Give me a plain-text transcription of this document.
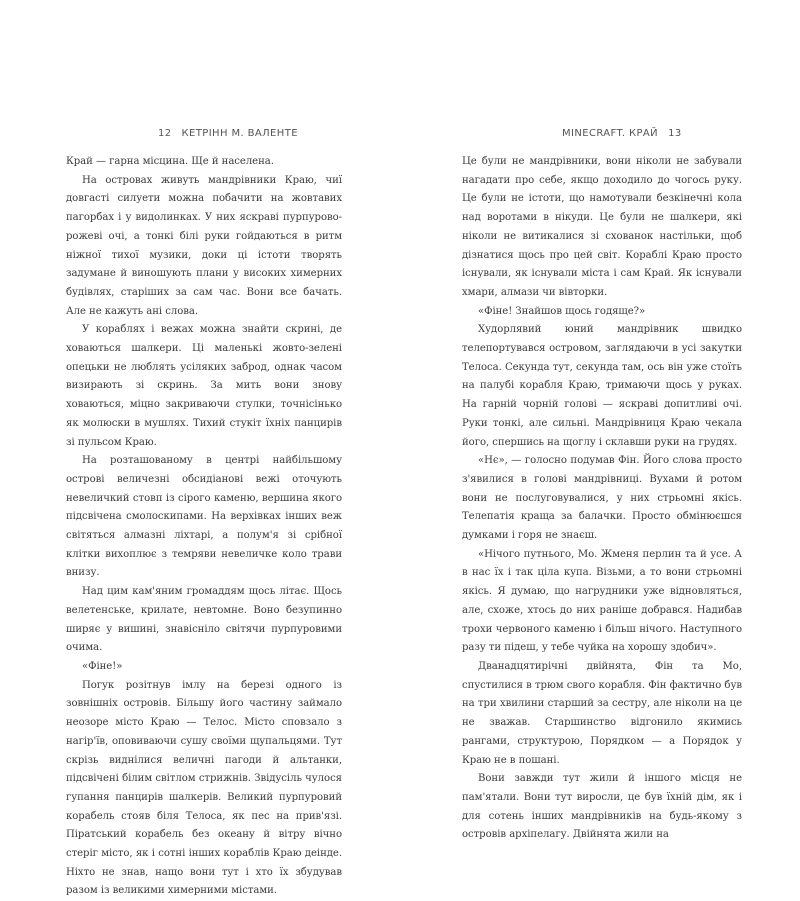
12 КЕТРІНН М. ВАЛЕНТЕ

Край — гарна місцина. Ще й населена.

На островах живуть мандрівники Краю, чиї довгасті силуети можна побачити на жовтавих пагорбах і у видолинках. У них яскраві пурпурово-рожеві очі, а тонкі білі руки гойдаються в ритм ніжної тихої музики, доки ці істоти творять задумане й виношують плани у високих химерних будівлях, старіших за сам час. Вони все бачать. Але не кажуть ані слова.

У кораблях і вежах можна знайти скрині, де ховаються шалкери. Ці маленькі жовто-зелені опецьки не люблять усіляких заброд, однак часом визирають зі скринь. За мить вони знову ховаються, міцно закриваючи стулки, точнісінько як молюски в мушлях. Тихий стукіт їхніх панцирів зі пульсом Краю.

На розташованому в центрі найбільшому острові величезні обсидіанові вежі оточують невеличкий стовп із сірого каменю, вершина якого підсвічена смолоскипами. На верхівках інших веж світяться алмазні ліхтарі, а полум'я зі срібної клітки вихоплює з темряви невеличке коло трави внизу.

Над цим кам'яним громаддям щось літає. Щось велетенське, крилате, невтомне. Воно безупинно ширяє у вишині, знавісніло світячи пурпуровими очима.

«Фіне!»

Погук розітнув імлу на березі одного із зовнішніх островів. Більшу його частину займало неозоре місто Краю — Телос. Місто сповзало з нагір'їв, оповиваючи сушу своїми щупальцями. Тут скрізь виднілися величні пагоди й альтанки, підсвічені білим світлом стрижнів. Звідусіль чулося гупання панцирів шалкерів. Великий пурпуровий корабель стояв біля Телоса, як пес на прив'язі. Піратський корабель без океану й вітру вічно стеріг місто, як і сотні інших кораблів Краю деінде. Ніхто не знав, нащо вони тут і хто їх збудував разом із великими химерними містами.

MINECRAFT. КРАЙ 13

Це були не мандрівники, вони ніколи не забували нагадати про себе, якщо доходило до чогось руку. Це були не істоти, що намотували безкінечні кола над воротами в нікуди. Це були не шалкери, які ніколи не витикалися зі схованок настільки, щоб дізнатися щось про цей світ. Кораблі Краю просто існували, як існували міста і сам Край. Як існували хмари, алмази чи вівторки.

«Фіне! Знайшов щось годяще?»

Худорлявий юний мандрівник швидко телепортувався островом, заглядаючи в усі закутки Телоса. Секунда тут, секунда там, ось він уже стоїть на палубі корабля Краю, тримаючи щось у руках. На гарній чорній голові — яскраві допитливі очі. Руки тонкі, але сильні. Мандрівниця Краю чекала його, спершись на щоглу і склавши руки на грудях.

«Нє», — голосно подумав Фін. Його слова просто з'явилися в голові мандрівниці. Вухами й ротом вони не послуговувалися, у них стрьомні якісь. Телепатія краща за балачки. Просто обмінюєшся думками і горя не знаєш.

«Нічого путнього, Мо. Жменя перлин та й усе. А в нас їх і так ціла купа. Візьми, а то вони стрьомні якісь. Я думаю, що нагрудники уже відновляться, але, схоже, хтось до них раніше добрався. Надибав трохи червоного каменю і більш нічого. Наступного разу ти підеш, у тебе чуйка на хорошу здобич».

Дванадцятирічні двійнята, Фін та Мо, спустилися в трюм свого корабля. Фін фактично був на три хвилини старший за сестру, але ніколи на це не зважав. Старшинство відгонило якимись рангами, структурою, Порядком — а Порядок у Краю не в пошані.

Вони завжди тут жили й іншого місця не пам'ятали. Вони тут виросли, це був їхній дім, як і для сотень інших мандрівників на будь-якому з островів архіпелагу. Двійнята жили на
